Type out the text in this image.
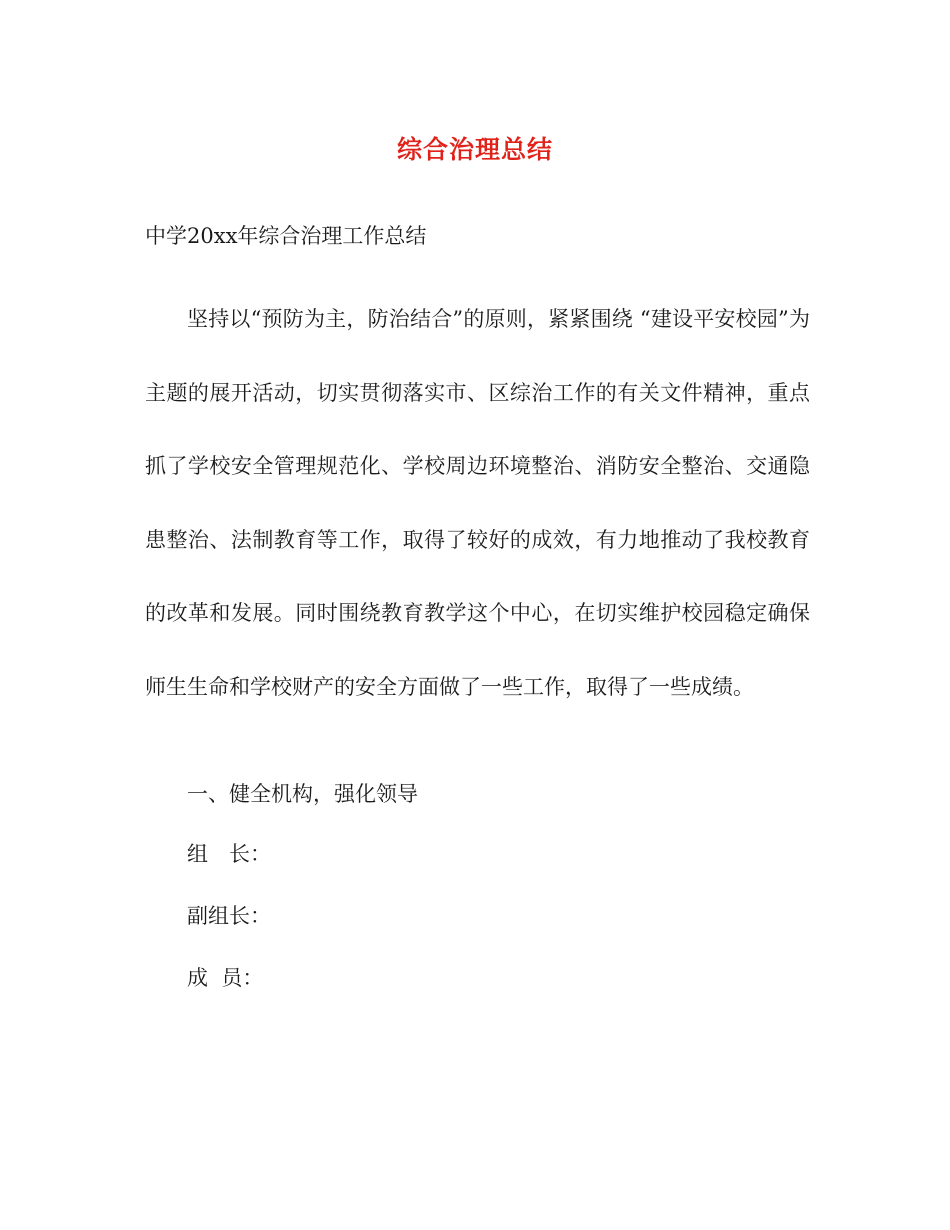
综合治理总结
中学20xx年综合治理工作总结

坚持以“预防为主，防治结合”的原则，紧紧围绕 “建设平安校园”为主题的展开活动，切实贯彻落实市、区综治工作的有关文件精神，重点抓了学校安全管理规范化、学校周边环境整治、消防安全整治、交通隐患整治、法制教育等工作，取得了较好的成效，有力地推动了我校教育的改革和发展。同时围绕教育教学这个中心，在切实维护校园稳定确保师生生命和学校财产的安全方面做了一些工作，取得了一些成绩。

一、健全机构，强化领导
组　长：
副组长：
成  员：
